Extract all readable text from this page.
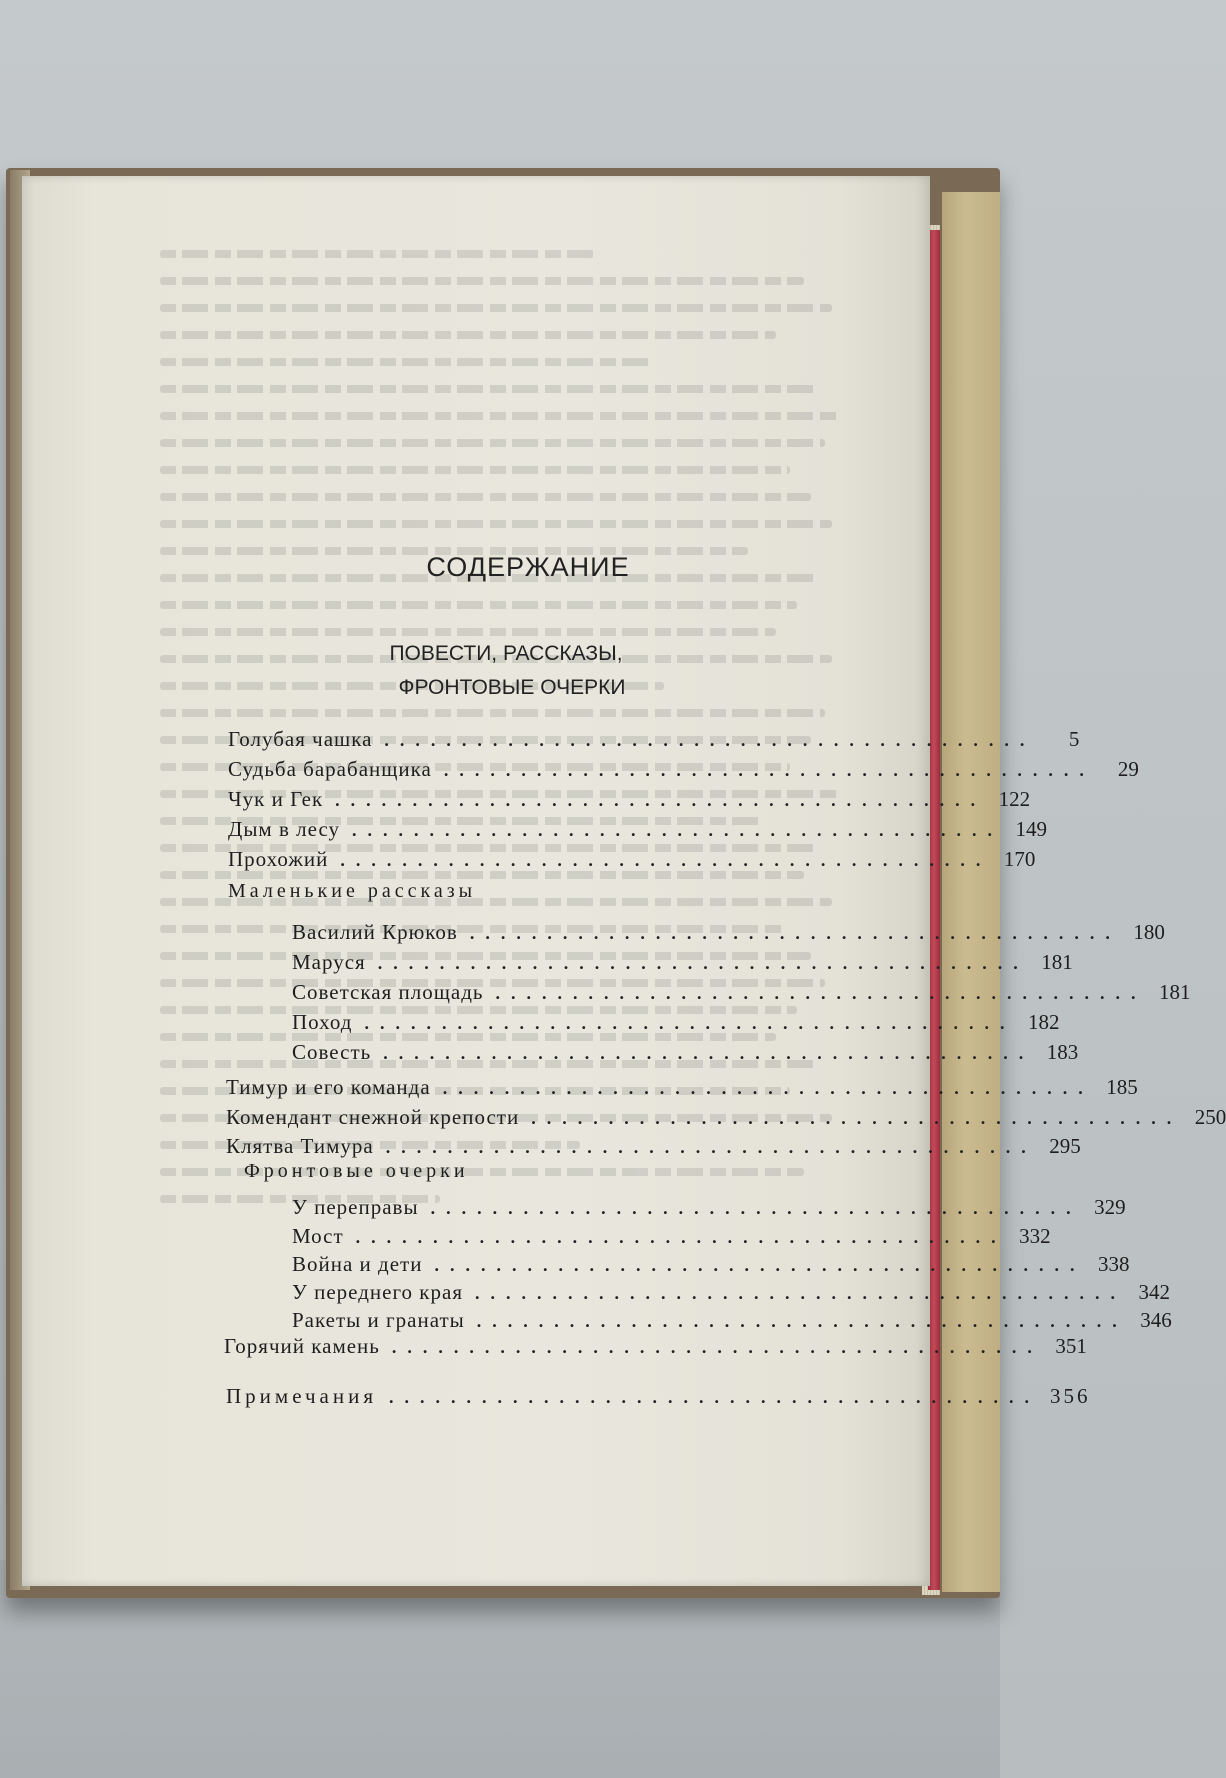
СОДЕРЖАНИЕ
ПОВЕСТИ, РАССКАЗЫ,
ФРОНТОВЫЕ ОЧЕРКИ
Голубая чашка ..........................................	5
Судьба барабанщика ..........................................	29
Чук и Гек .......................................... 122
Дым в лесу .......................................... 149
Прохожий .......................................... 170
Маленькие рассказы
Василий Крюков .......................................... 180
Маруся .......................................... 181
Советская площадь .......................................... 181
Поход .......................................... 182
Совесть .......................................... 183
Тимур и его команда .......................................... 185
Комендант снежной крепости .......................................... 250
Клятва Тимура .......................................... 295
Фронтовые очерки
У переправы .......................................... 329
Мост .......................................... 332
Война и дети .......................................... 338
У переднего края .......................................... 342
Ракеты и гранаты .......................................... 346
Горячий камень .......................................... 351
Примечания .......................................... 356
